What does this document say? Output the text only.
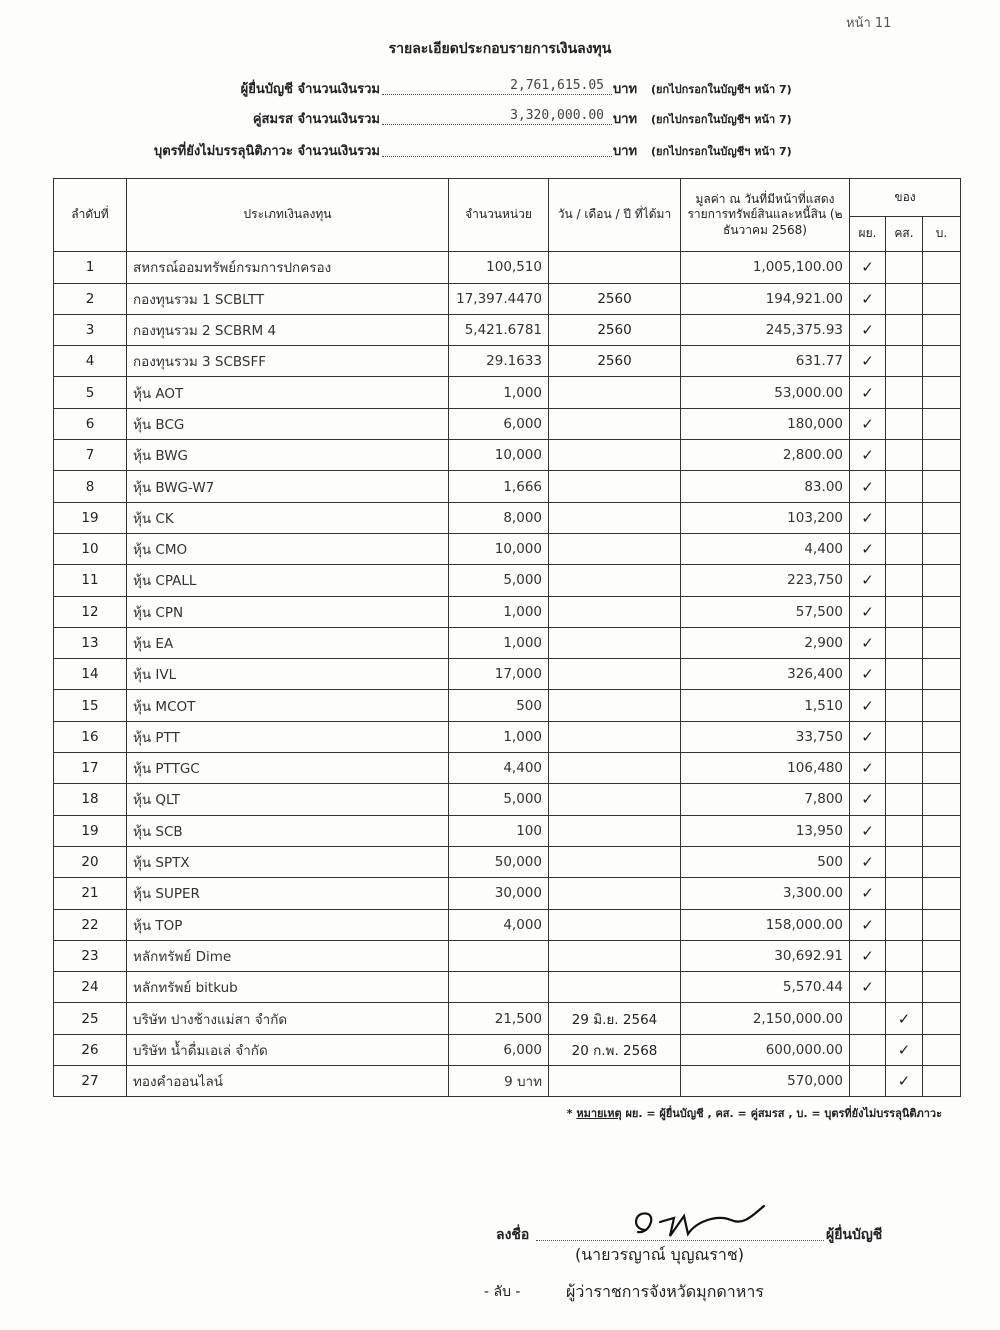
หน้า 11
รายละเอียดประกอบรายการเงินลงทุน
ผู้ยื่นบัญชี จำนวนเงินรวม	2,761,615.05 บาท (ยกไปกรอกในบัญชีฯ หน้า 7)
คู่สมรส จำนวนเงินรวม	3,320,000.00 บาท (ยกไปกรอกในบัญชีฯ หน้า 7)
บุตรที่ยังไม่บรรลุนิติภาวะ จำนวนเงินรวม	บาท (ยกไปกรอกในบัญชีฯ หน้า 7)
ลำดับที่	ประเภทเงินลงทุน	จำนวนหน่วย	วัน / เดือน / ปี ที่ได้มา	มูลค่า ณ วันที่มีหน้าที่แสดง รายการทรัพย์สินและหนี้สิน (๒ ธันวาคม 2568)	ของ		
					ผย.	คส.	บ.
1	สหกรณ์ออมทรัพย์กรมการปกครอง	100,510		1,005,100.00	✓		
2	กองทุนรวม 1 SCBLTT	17,397.4470	2560	194,921.00	✓		
3	กองทุนรวม 2 SCBRM 4	5,421.6781	2560	245,375.93	✓		
4	กองทุนรวม 3 SCBSFF	29.1633	2560	631.77	✓		
5	หุ้น AOT	1,000		53,000.00	✓		
6	หุ้น BCG	6,000		180,000	✓		
7	หุ้น BWG	10,000		2,800.00	✓		
8	หุ้น BWG-W7	1,666		83.00	✓		
19	หุ้น CK	8,000		103,200	✓		
10	หุ้น CMO	10,000		4,400	✓		
11	หุ้น CPALL	5,000		223,750	✓		
12	หุ้น CPN	1,000		57,500	✓		
13	หุ้น EA	1,000		2,900	✓		
14	หุ้น IVL	17,000		326,400	✓		
15	หุ้น MCOT	500		1,510	✓		
16	หุ้น PTT	1,000		33,750	✓		
17	หุ้น PTTGC	4,400		106,480	✓		
18	หุ้น QLT	5,000		7,800	✓		
19	หุ้น SCB	100		13,950	✓		
20	หุ้น SPTX	50,000		500	✓		
21	หุ้น SUPER	30,000		3,300.00	✓		
22	หุ้น TOP	4,000		158,000.00	✓		
23	หลักทรัพย์ Dime			30,692.91	✓		
24	หลักทรัพย์ bitkub			5,570.44	✓		
25	บริษัท ปางช้างแม่สา จำกัด	21,500	29 มิ.ย. 2564	2,150,000.00		✓	
26	บริษัท น้ำดื่มเอเล่ จำกัด	6,000	20 ก.พ. 2568	600,000.00		✓	
27	ทองคำออนไลน์	9 บาท		570,000		✓	
* หมายเหตุ ผย. = ผู้ยื่นบัญชี , คส. = คู่สมรส , บ. = บุตรที่ยังไม่บรรลุนิติภาวะ
ลงชื่อ	ผู้ยื่นบัญชี
(นายวรญาณ์ บุญณราช)
- ลับ -	ผู้ว่าราชการจังหวัดมุกดาหาร
